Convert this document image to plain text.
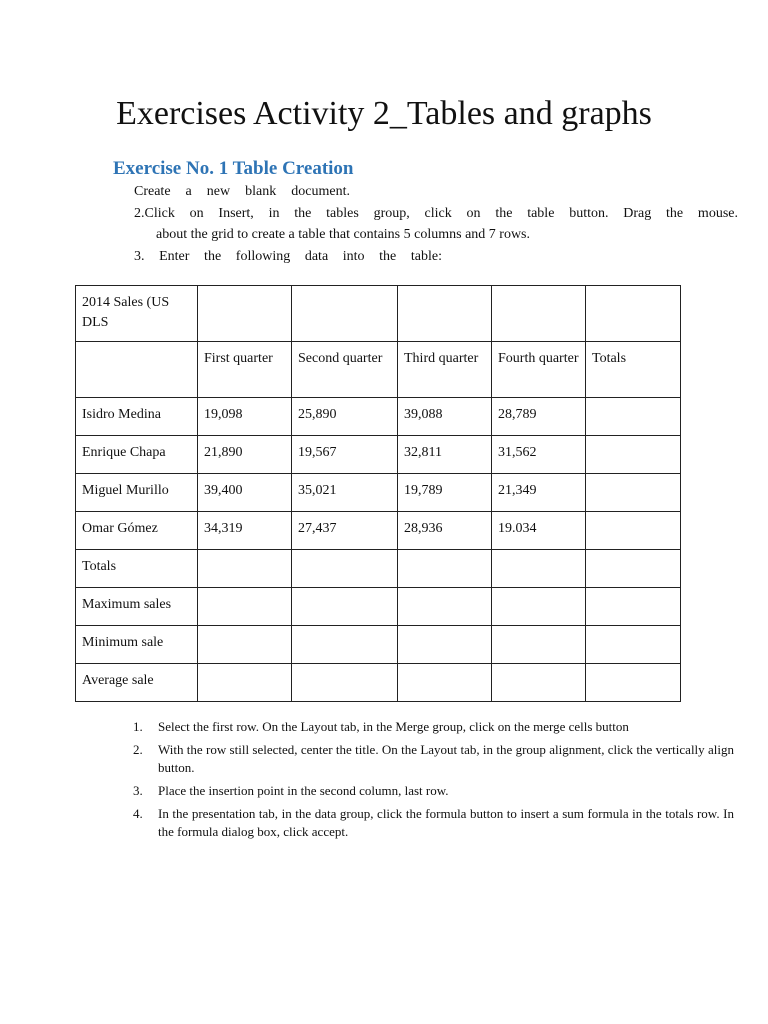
Exercises Activity 2_Tables and graphs
Exercise No. 1 Table Creation
Create a new blank document.
2.Click on Insert, in the tables group, click on the table button. Drag the mouse.
about the grid to create a table that contains 5 columns and 7 rows.
3. Enter the following data into the table:
2014 Sales (US DLS					
	First quarter	Second quarter	Third quarter	Fourth quarter	Totals
Isidro Medina	19,098	25,890	39,088	28,789	
Enrique Chapa	21,890	19,567	32,811	31,562	
Miguel Murillo	39,400	35,021	19,789	21,349	
Omar Gómez	34,319	27,437	28,936	19.034	
Totals					
Maximum sales					
Minimum sale					
Average sale					
1. Select the first row. On the Layout tab, in the Merge group, click on the merge cells button
2. With the row still selected, center the title. On the Layout tab, in the group alignment, click the vertically align button.
3. Place the insertion point in the second column, last row.
4. In the presentation tab, in the data group, click the formula button to insert a sum formula in the totals row. In the formula dialog box, click accept.
